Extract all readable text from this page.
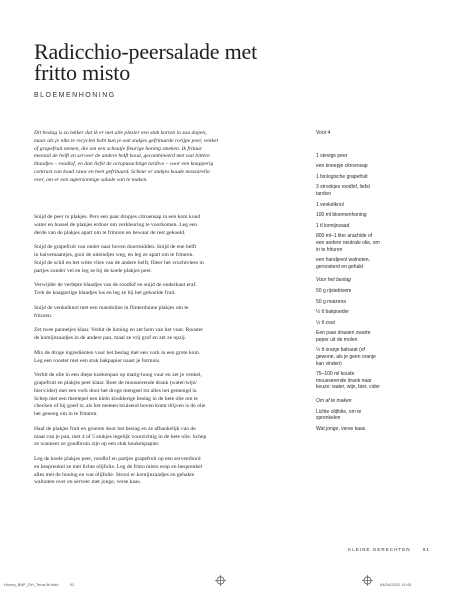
Radicchio-peersalade met
fritto misto

BLOEMENHONING

Dit beslag is zo lekker dat ik er met alle plezier een stuk karton in zou dopen,
maar als je niks te recyclen hebt kun je ook stukjes gefrituurde rorijpe peer, venkel
of grapefruit nemen, die om een scheutje fleurige honing smeken. Ik frituur
meestal de helft en serveer de andere helft koud, gecombineerd met wat bittere
blaadjes – roodlof, en dan liefst de octopusachtige tardivo – voor een knapperig
contrast van koud rauw en heet gefrituurd. Scheur er stukjes koude mozzarella
over, om er een superzonnige salade van te maken.

Snijd de peer in plakjes. Pers een paar drupjes citroensap in een kom koud
water en hussel de plakjes erdoor om verkleuring te voorkomen. Leg een
derde van de plakjes apart om te frituren en bewaar de rest gekoeld.

Snijd de grapefruit van onder naar boven doormidden. Snijd de ene helft
in halvemaantjes, gooi de uiteindjes weg, en leg ze apart om te frituren.
Snijd de schil en het witte vlies van de andere helft, fileer het vruchtvlees in
partjes zonder vel en leg ze bij de koele plakjes peer.

Verwijder de verlepte blaadjes van de roodlof en snijd de onderkant eraf.
Trek de knapperige blaadjes los en leg ze bij het gekoelde fruit.

Snijd de venkelknol met een mandoline in flinterdunne plakjes om te
frituren.

Zet twee pannetjes klaar. Verhit de honing en zet hem van het vuur. Rooster
de komijnzaadjes in de andere pan, maal ze vrij grof en zet ze opzij.

Mix de droge ingrediënten voor het beslag met een vork in een grote kom.
Leg een rooster met een stuk bakpapier naast je formuis.

Verhit de olie in een diepe koekenpan op matig-hoog vuur en zet je venkel,
grapefruit en plakjes peer klaar. Roer de mousserende drank (water/wijn/
bier/cider) met een vork door het droge mengsel tot alles net gemengd is.
Schep met een theelepel een klein klodderige beslag in de hete olie om te
checken of hij goed is; als het meteen bruisend boven komt drijven is de olie
het genoeg om in te frituren.

Haal de plakjes fruit en groente door het beslag en ze afhankelijk van de
maat van je pan, met 4 of 5 stukjes tegelijk voorzichtig in de hete olie. Schep
ze wanneer ze goudbruin zijn op een stuk keukenpapier.

Leg de koele plakjes peer, roodlof en partjes grapefruit op een serveerbord
en besprenkel ze met lichte olijfolie. Leg de fritto misto erop en besprenkel
alles met de honing en wat olijfolie. Strooi er komijnzaadjes en gehakte
walnoten over en serveer met jonge, verse kaas.

Voor 4
1 stevige peer
een kneepje citroensap
1 biologische grapefruit
3 stronkjes roodlof, liefst
tardivo
1 venkelknol
100 ml bloemenhoning
1 tl komijnzaad
800 ml–1 liter arachide of
een andere neutrale olie, om
in te frituren
een handjevol walnoten,
geroosterd en gehakt
Voor het beslag
50 g rijstebloem
50 g maizena
½ tl bakpoeder
½ tl zout
Een paar draaien zwarte
peper uit de molen
½ tl oranje baharat (of
gewone, als je geen oranje
kan vinden)
75–100 ml koude
mousserende drank naar
keuze: water, wijn, bier, cider
Om af te maken
Lichte olijfolie, om te
sprenkelen
Wat jonge, verse kaas
KLEINE GERECHTEN	91
Honey_BNF_DH_Terra-fb.indb	91	04/04/2022 14:43
